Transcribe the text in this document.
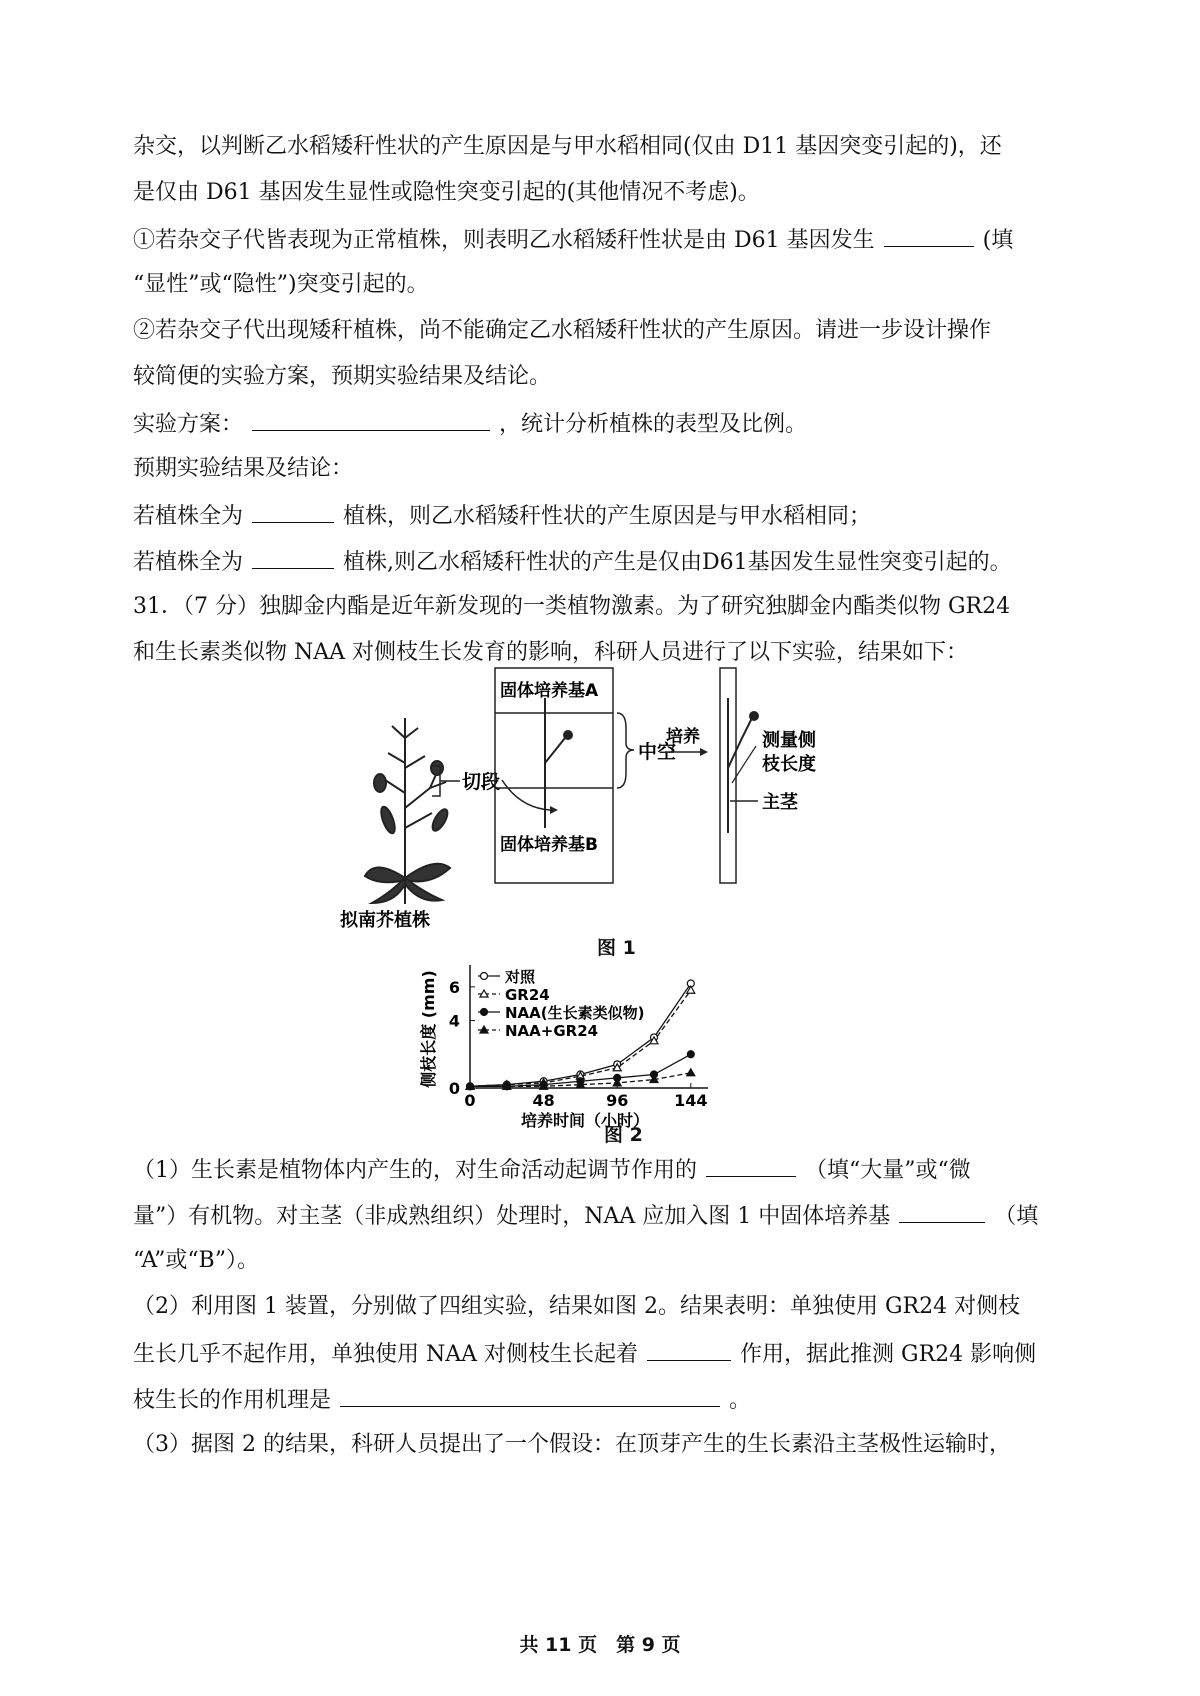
杂交，以判断乙水稻矮秆性状的产生原因是与甲水稻相同(仅由 D11 基因突变引起的)，还
是仅由 D61 基因发生显性或隐性突变引起的(其他情况不考虑)。
①若杂交子代皆表现为正常植株，则表明乙水稻矮秆性状是由 D61 基因发生	(填
“显性”或“隐性”)突变引起的。
②若杂交子代出现矮秆植株，尚不能确定乙水稻矮秆性状的产生原因。请进一步设计操作
较简便的实验方案，预期实验结果及结论。
实验方案：	，统计分析植株的表型及比例。
预期实验结果及结论：
若植株全为	植株，则乙水稻矮秆性状的产生原因是与甲水稻相同；
若植株全为	植株,则乙水稻矮秆性状的产生是仅由D61基因发生显性突变引起的。
31．（7 分）独脚金内酯是近年新发现的一类植物激素。为了研究独脚金内酯类似物 GR24
和生长素类似物 NAA 对侧枝生长发育的影响，科研人员进行了以下实验，结果如下：
切段
固体培养基A
固体培养基B
中空
培养	测量侧
枝长度
主茎
拟南芥植株
图 1
0
4
6
0	48	96	144
培养时间（小时）
侧枝长度 (mm)	对照
GR24
NAA(生长素类似物)
NAA+GR24
图 2
（1）生长素是植物体内产生的，对生命活动起调节作用的	（填“大量”或“微
量”）有机物。对主茎（非成熟组织）处理时，NAA 应加入图 1 中固体培养基	（填
“A”或“B”）。
（2）利用图 1 装置，分别做了四组实验，结果如图 2。结果表明：单独使用 GR24 对侧枝
生长几乎不起作用，单独使用 NAA 对侧枝生长起着	作用，据此推测 GR24 影响侧
枝生长的作用机理是	。
（3）据图 2 的结果，科研人员提出了一个假设：在顶芽产生的生长素沿主茎极性运输时，
共 11 页　第 9 页
